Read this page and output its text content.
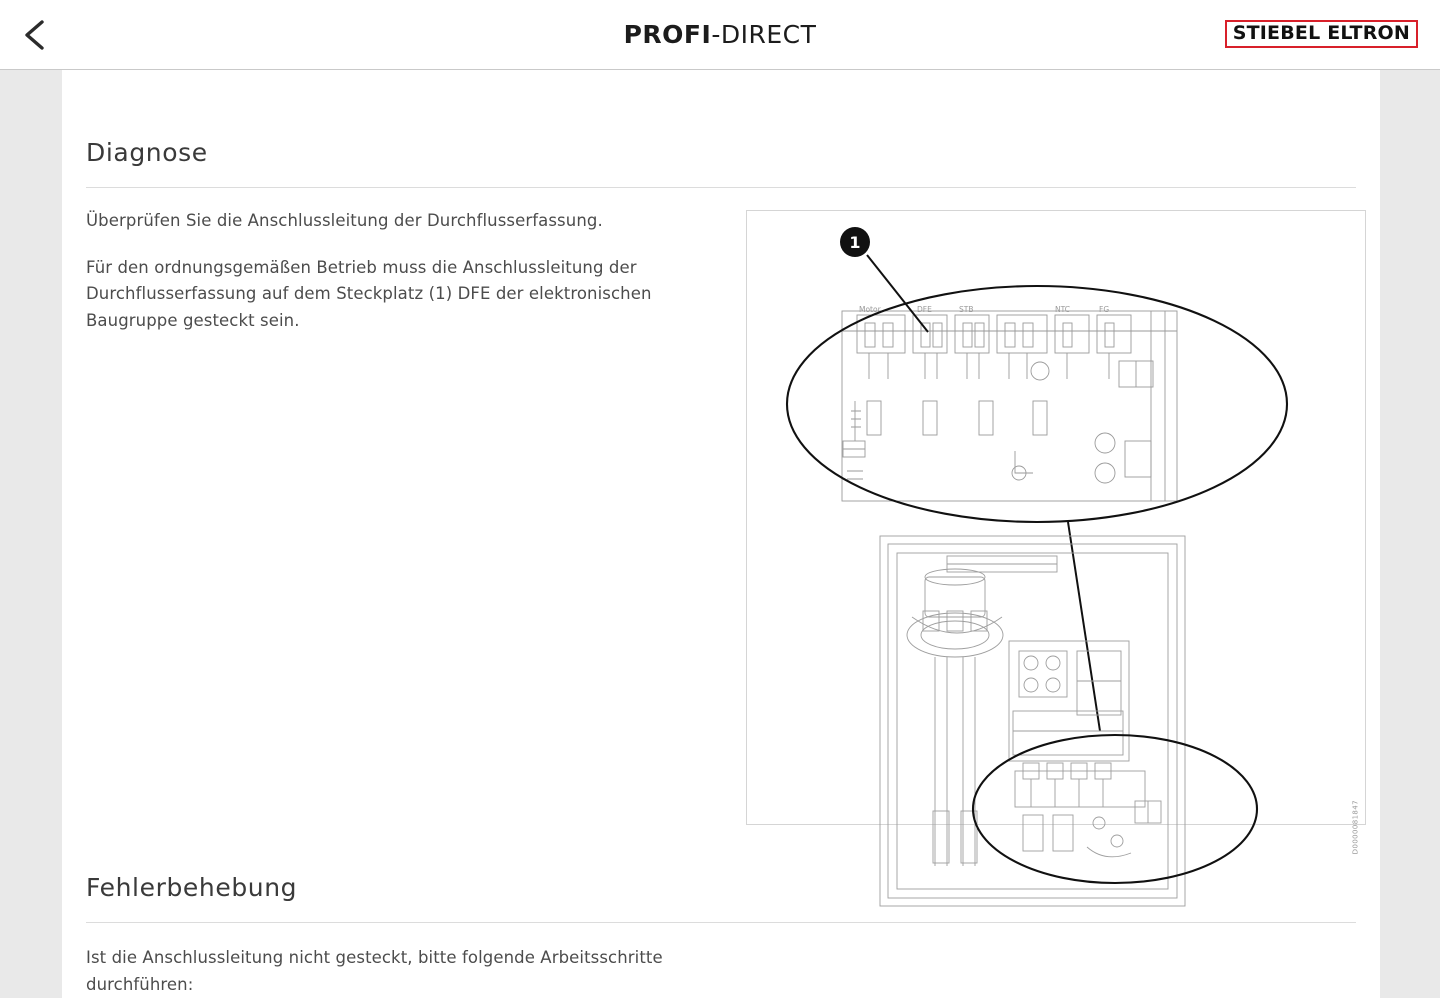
PROFI-DIRECT	STIEBEL ELTRON
Diagnose

Überprüfen Sie die Anschlussleitung der Durchflusserfassung.

Für den ordnungsgemäßen Betrieb muss die Anschlussleitung der Durchflusserfassung auf dem Steckplatz (1) DFE der elektronischen Baugruppe gesteckt sein.

Motor	DFE	STB	NTC	FG
1
D0000081847
Fehlerbehebung

Ist die Anschlussleitung nicht gesteckt, bitte folgende Arbeitsschritte durchführen:
